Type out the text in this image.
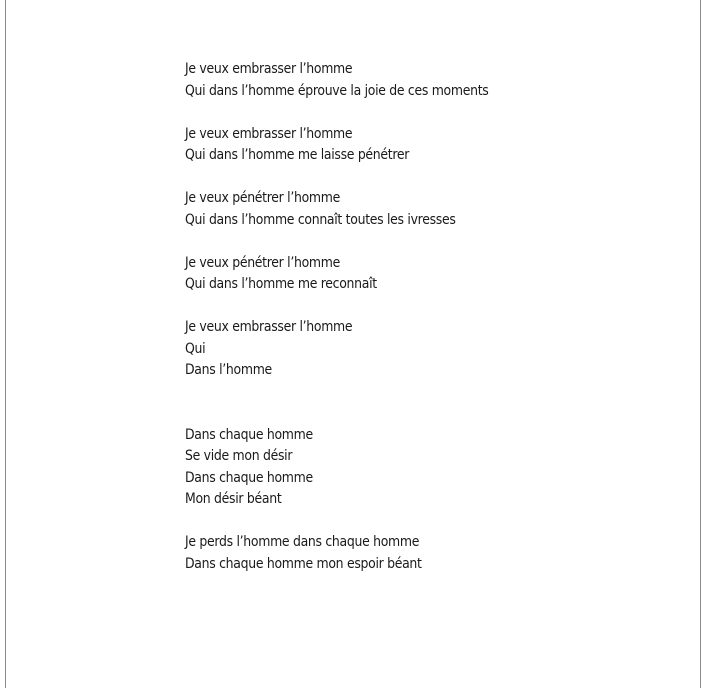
Je veux embrasser l’homme
Qui dans l’homme éprouve la joie de ces moments
Je veux embrasser l’homme
Qui dans l’homme me laisse pénétrer
Je veux pénétrer l’homme
Qui dans l’homme connaît toutes les ivresses
Je veux pénétrer l’homme
Qui dans l’homme me reconnaît
Je veux embrasser l’homme
Qui
Dans l’homme
Dans chaque homme
Se vide mon désir
Dans chaque homme
Mon désir béant
Je perds l’homme dans chaque homme
Dans chaque homme mon espoir béant
